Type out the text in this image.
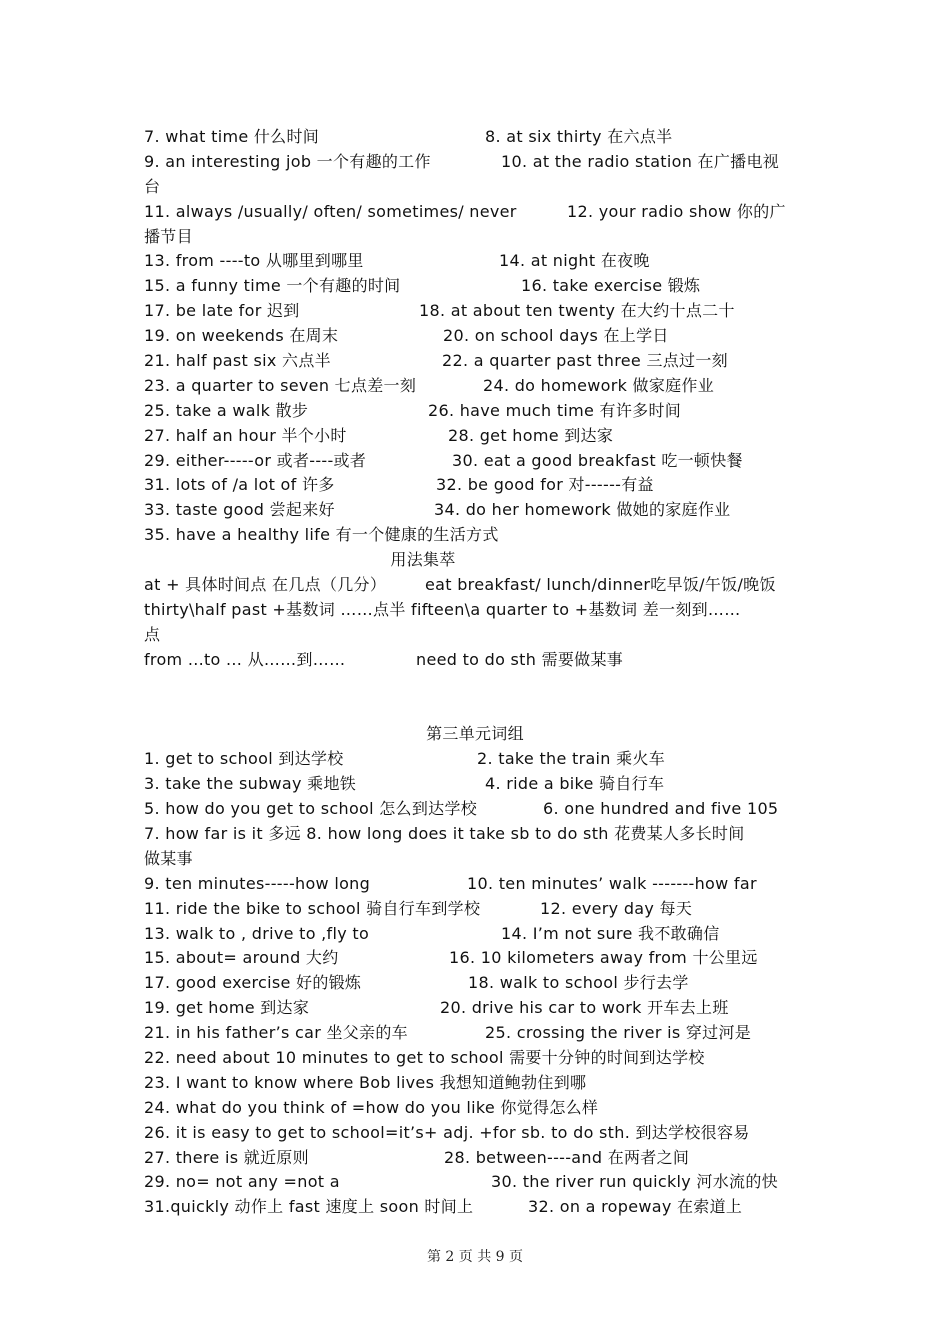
7. what time 什么时间	8. at six thirty 在六点半
9. an interesting job 一个有趣的工作	10. at the radio station 在广播电视
台
11. always /usually/ often/ sometimes/ never	12. your radio show 你的广
播节目
13. from ----to 从哪里到哪里	14. at night 在夜晚
15. a funny time 一个有趣的时间	16. take exercise 锻炼
17. be late for 迟到	18. at about ten twenty 在大约十点二十
19. on weekends 在周末	20. on school days 在上学日
21. half past six 六点半	22. a quarter past three 三点过一刻
23. a quarter to seven 七点差一刻	24. do homework 做家庭作业
25. take a walk 散步	26. have much time 有许多时间
27. half an hour 半个小时	28. get home 到达家
29. either-----or 或者----或者	30. eat a good breakfast 吃一顿快餐
31. lots of /a lot of 许多	32. be good for 对------有益
33. taste good 尝起来好	34. do her homework 做她的家庭作业
35. have a healthy life 有一个健康的生活方式
用法集萃
at + 具体时间点 在几点（几分） eat breakfast/ lunch/dinner吃早饭/午饭/晚饭
thirty\half past +基数词 ……点半 fifteen\a quarter to +基数词 差一刻到……
点
from ...to ... 从……到……	need to do sth 需要做某事
第三单元词组
1. get to school 到达学校	2. take the train 乘火车
3. take the subway 乘地铁	4. ride a bike 骑自行车
5. how do you get to school 怎么到达学校	6. one hundred and five 105
7. how far is it 多远 8. how long does it take sb to do sth 花费某人多长时间
做某事
9. ten minutes-----how long	10. ten minutes’ walk -------how far
11. ride the bike to school 骑自行车到学校	12. every day 每天
13. walk to , drive to ,fly to	14. I’m not sure 我不敢确信
15. about= around 大约	16. 10 kilometers away from 十公里远
17. good exercise 好的锻炼	18. walk to school 步行去学
19. get home 到达家	20. drive his car to work 开车去上班
21. in his father’s car 坐父亲的车	25. crossing the river is 穿过河是
22. need about 10 minutes to get to school 需要十分钟的时间到达学校
23. I want to know where Bob lives 我想知道鲍勃住到哪
24. what do you think of =how do you like 你觉得怎么样
26. it is easy to get to school=it’s+ adj. +for sb. to do sth. 到达学校很容易
27. there is 就近原则	28. between----and 在两者之间
29. no= not any =not a	30. the river run quickly 河水流的快
31.quickly 动作上 fast 速度上 soon 时间上	32. on a ropeway 在索道上
第 2 页 共 9 页
